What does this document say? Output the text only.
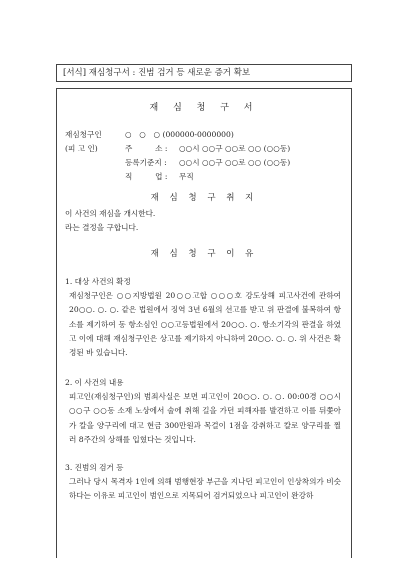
[서식] 재심청구서 : 진범 검거 등 새로운 증거 확보
재 심 청 구 서
재심청구인	○　○　○ (000000-0000000)
(피 고 인)	주　　　소 : ○○시 ○○구 ○○로 ○○ (○○동)
등록기준지 : ○○시 ○○구 ○○로 ○○ (○○동)
직　　　업 : 무직
재 심 청 구 취 지
이 사건의 재심을 개시한다.
라는 결정을 구합니다.
재 심 청 구 이 유
1. 대상 사건의 확정
재심청구인은 ○○지방법원 20○○고합 ○○○호 강도상해 피고사건에 관하여 20○○. ○. ○. 같은 법원에서 징역 3년 6월의 선고를 받고 위 판결에 불복하여 항소를 제기하여 동 항소심인 ○○고등법원에서 20○○. ○. 항소기각의 판결을 하였고 이에 대해 재심청구인은 상고를 제기하지 아니하여 20○○. ○. ○. 위 사건은 확정된 바 있습니다.
2. 이 사건의 내용
피고인(재심청구인)의 범죄사실은 보면 피고인이 20○○. ○. ○. 00:00경 ○○시 ○○구 ○○동 소재 노상에서 술에 취해 길을 가던 피해자를 발견하고 이를 뒤쫓아가 칼을 양구리에 대고 현금 300만원과 목걸이 1점을 강취하고 칼로 양구리를 찔러 8주간의 상해를 입혔다는 것입니다.
3. 진범의 검거 등
그러나 당시 목격자 1인에 의해 범행현장 부근을 지나던 피고인이 인상착의가 비슷하다는 이유로 피고인이 범인으로 지목되어 검거되었으나 피고인이 완강하
